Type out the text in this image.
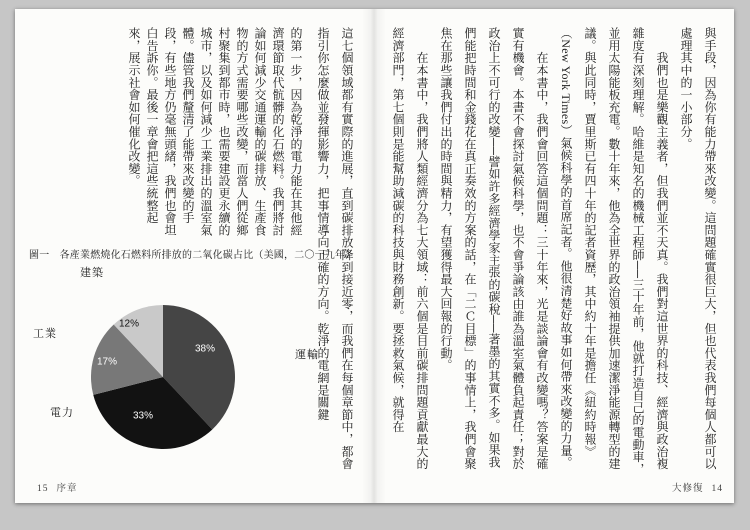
這七個領域都有實際的進展，直到碳排放降到接近零，而我們在每個章節中，都會指引你怎麼做並發揮影響力，把事情導向正確的方向。乾淨的電網是關鍵
的第一步，因為乾淨的電力能在其他經濟環節取代骯髒的化石燃料。我們將討論如何減少交通運輸的碳排放、生產食物的方式需要哪些改變，而當人們從鄉村聚集到都市時，也需要建設更永續的城市，以及如何減少工業排出的溫室氣體。儘管我們釐清了能帶來改變的手段，有些地方仍毫無頭緒，我們也會坦白告訴你。最後一章會把這些統整起來，展示社會如何催化改變。
圖一　各產業燃燒化石燃料所排放的二氧化碳占比（美國，二〇一九年）
運輸
38%
電力	33%
工業
17%
建築
12%
15 序章

與手段，因為你有能力帶來改變。這問題確實很巨大，但也代表我們每個人都可以處理其中的一小部分。

　　我們也是樂觀主義者，但我們並不天真。我們對這世界的科技、經濟與政治複雜度有深刻理解。哈維是知名的機械工程師──三十年前，他就打造自己的電動車，並用太陽能板充電。數十年來，他為全世界的政治領袖提供加速潔淨能源轉型的建議。與此同時，賈里斯已有四十年的記者資歷，其中約十年是擔任《紐約時報》（New York Times）氣候科學的首席記者。他很清楚好故事如何帶來改變的力量。

　　在本書中，我們會回答這個問題：三十年來，光是談論會有改變嗎？答案是確實有機會。本書不會探討氣候科學，也不會爭論該由誰為溫室氣體負起責任；對於政治上不可行的改變──譬如許多經濟學家主張的碳稅──著墨的其實不多。如果我們能把時間和金錢花在真正奏效的方案的話，在「二Ｃ目標」的事情上，我們會聚焦在那些讓我們付出的時間與精力，有望獲得最大回報的行動。

　　在本書中，我們將人類經濟分為七大領域：前六個是目前碳排問題貢獻最大的經濟部門，第七個則是能幫助減碳的科技與財務創新。要拯救氣候，就得在

大修復 14
